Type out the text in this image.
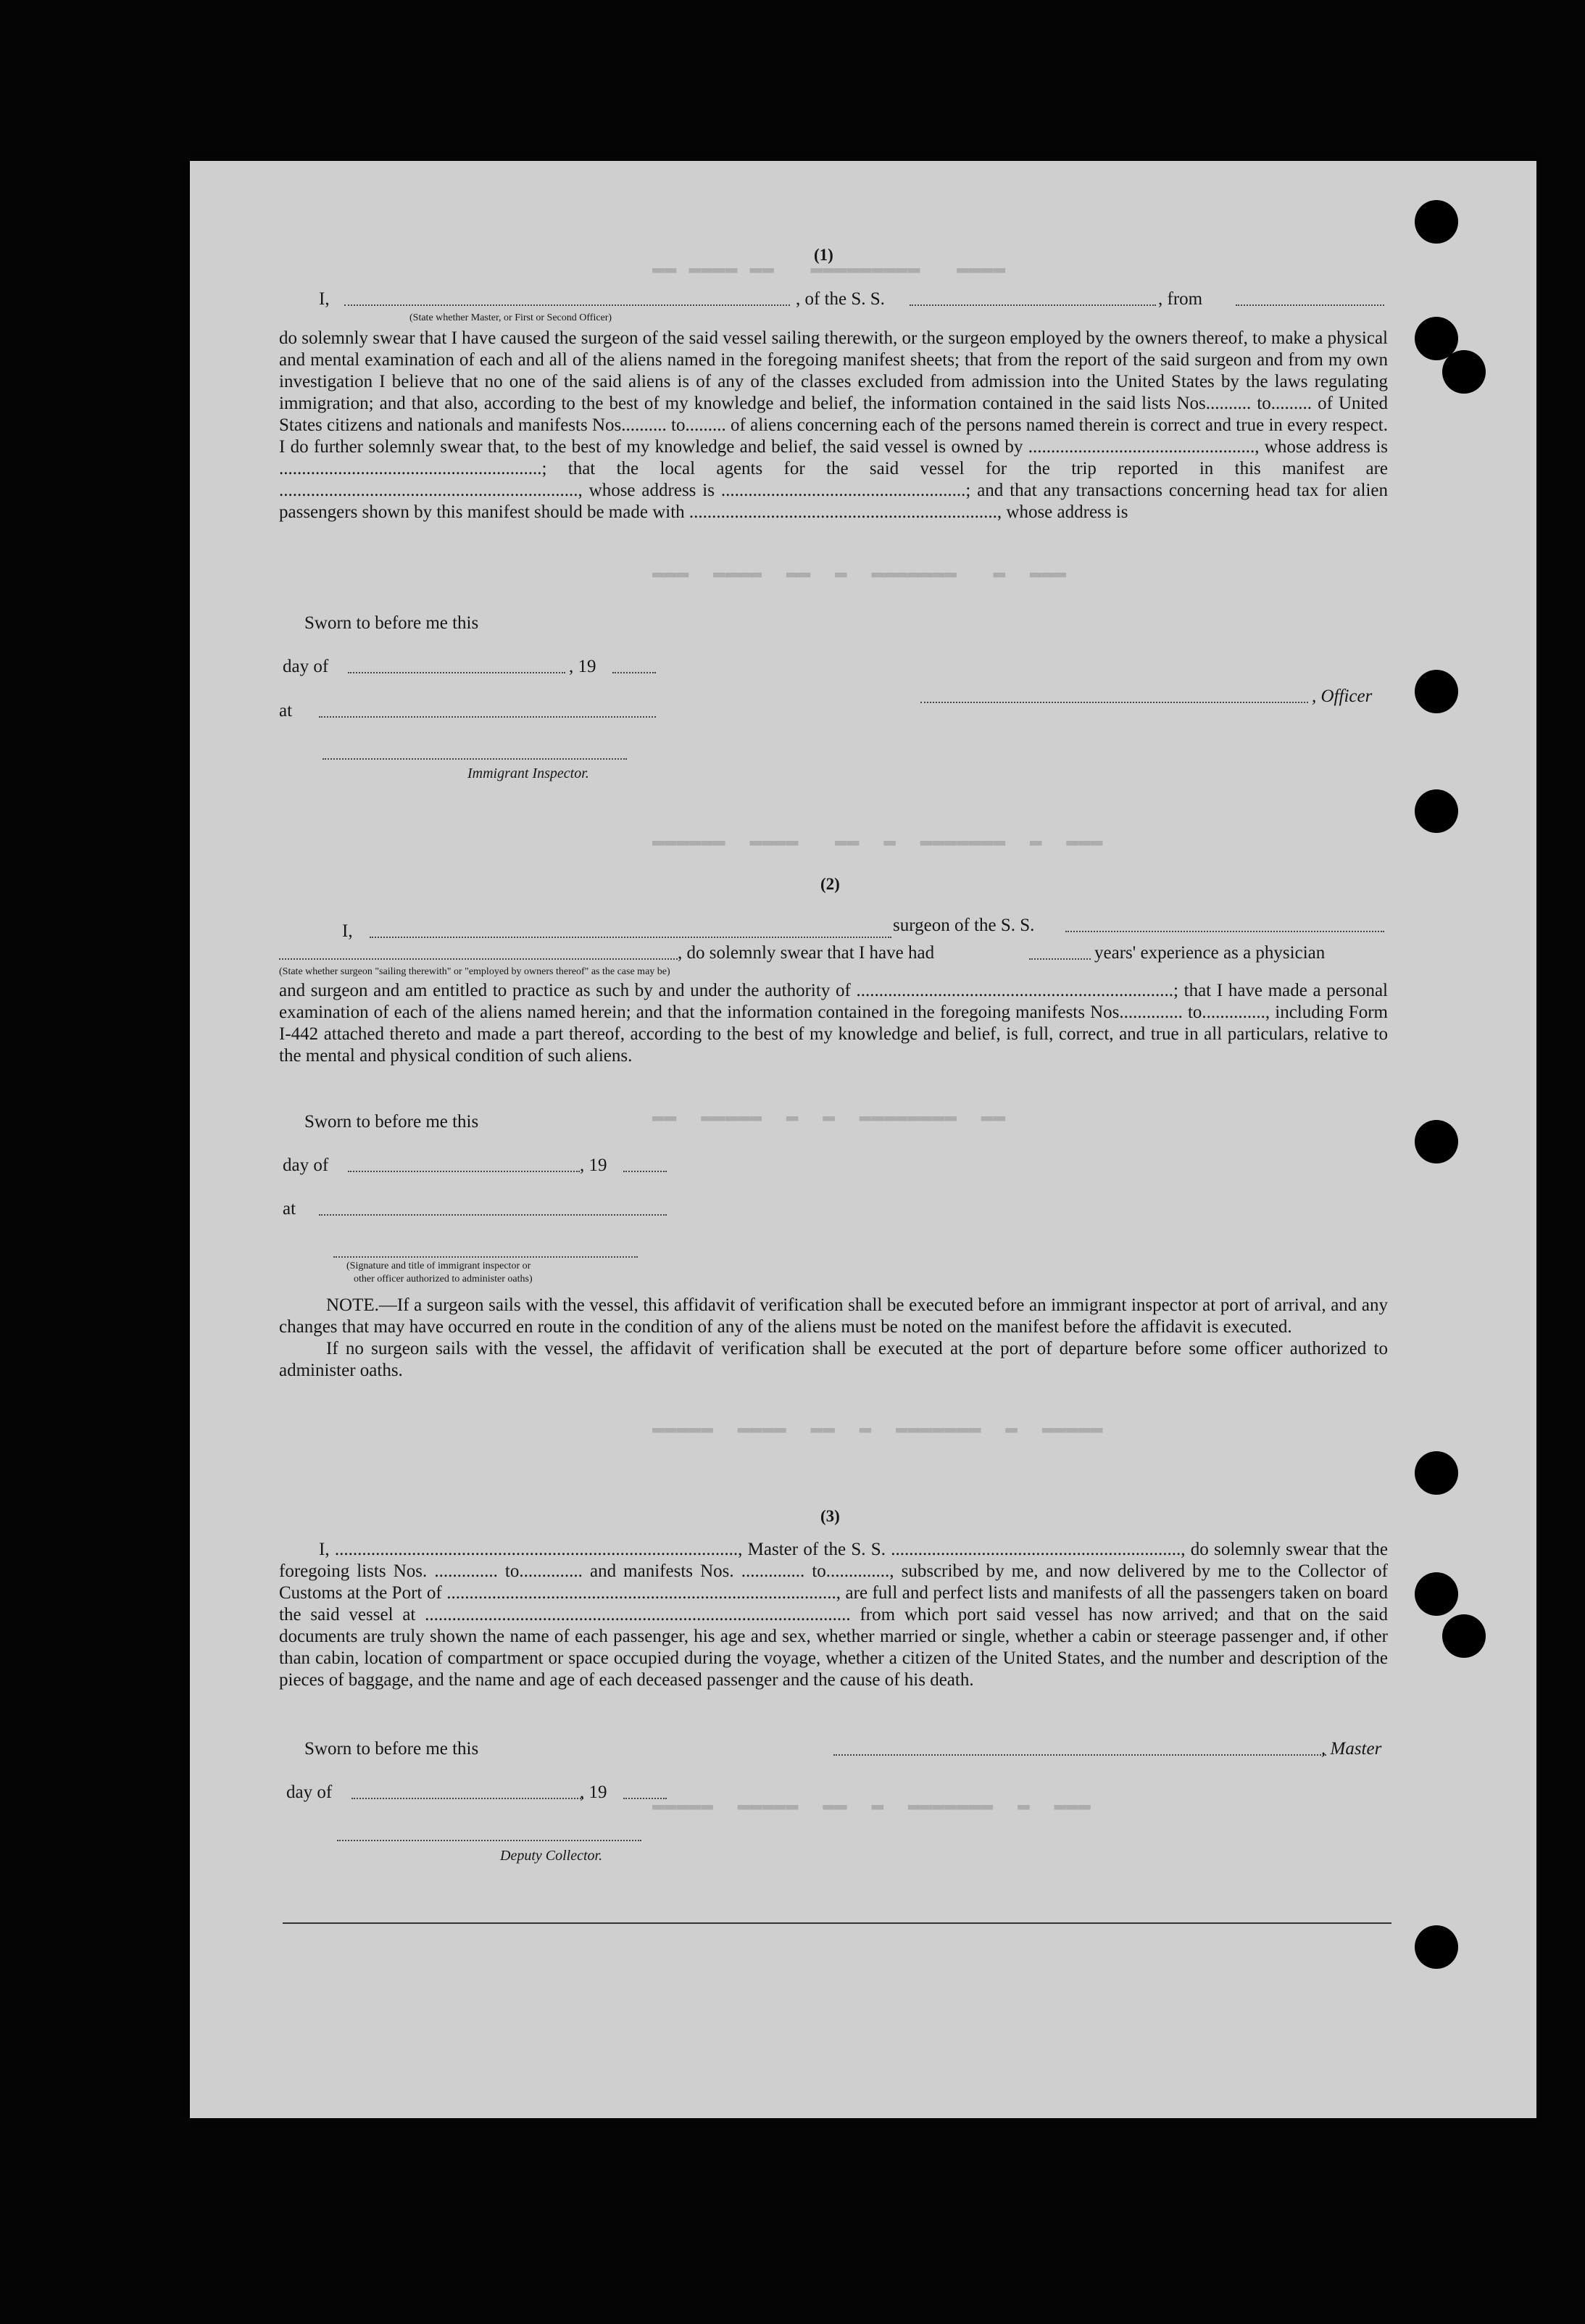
▬▬ ▬▬▬▬ ▬▬   ▬▬▬▬▬▬▬▬▬   ▬▬▬▬
▬▬▬  ▬▬▬▬  ▬▬  ▬  ▬▬▬▬▬▬▬   ▬  ▬▬▬
▬▬▬▬▬▬  ▬▬▬▬   ▬▬  ▬  ▬▬▬▬▬▬▬  ▬  ▬▬▬
▬▬  ▬▬▬▬▬  ▬  ▬  ▬▬▬▬▬▬▬▬  ▬▬
▬▬▬▬▬  ▬▬▬▬  ▬▬  ▬  ▬▬▬▬▬▬▬  ▬  ▬▬▬▬▬
▬▬▬▬▬  ▬▬▬▬▬  ▬▬  ▬  ▬▬▬▬▬▬▬  ▬  ▬▬▬
(1)
I,	, of the S. S.	, from
(State whether Master, or First or Second Officer)

do solemnly swear that I have caused the surgeon of the said vessel sailing therewith, or the surgeon employed by the owners thereof, to make a physical and mental examination of each and all of the aliens named in the foregoing manifest sheets; that from the report of the said surgeon and from my own investigation I believe that no one of the said aliens is of any of the classes excluded from admission into the United States by the laws regulating immigration; and that also, according to the best of my knowledge and belief, the information contained in the said lists Nos.......... to......... of United States citizens and nationals and manifests Nos.......... to......... of aliens concerning each of the persons named therein is correct and true in every respect. I do further solemnly swear that, to the best of my knowledge and belief, the said vessel is owned by .................................................., whose address is ..........................................................; that the local agents for the said vessel for the trip reported in this manifest are .................................................................., whose address is ......................................................; and that any transactions concerning head tax for alien passengers shown by this manifest should be made with ...................................................................., whose address is

Sworn to before me this
day of	, 19
, Officer
at
Immigrant Inspector.
(2)
I,	surgeon of the S. S.
, do solemnly swear that I have had	years' experience as a physician
(State whether surgeon "sailing therewith" or "employed by owners thereof" as the case may be)

and surgeon and am entitled to practice as such by and under the authority of ......................................................................; that I have made a personal examination of each of the aliens named herein; and that the information contained in the foregoing manifests Nos.............. to.............., including Form I-442 attached thereto and made a part thereof, according to the best of my knowledge and belief, is full, correct, and true in all particulars, relative to the mental and physical condition of such aliens.

Sworn to before me this
day of	, 19
at
(Signature and title of immigrant inspector or
other officer authorized to administer oaths)

NOTE.—If a surgeon sails with the vessel, this affidavit of verification shall be executed before an immigrant inspector at port of arrival, and any changes that may have occurred en route in the condition of any of the aliens must be noted on the manifest before the affidavit is executed.

If no surgeon sails with the vessel, the affidavit of verification shall be executed at the port of departure before some officer authorized to administer oaths.

(3)

I, ........................................................................................., Master of the S. S. ................................................................, do solemnly swear that the foregoing lists Nos. .............. to.............. and manifests Nos. .............. to.............., subscribed by me, and now delivered by me to the Collector of Customs at the Port of ......................................................................................, are full and perfect lists and manifests of all the passengers taken on board the said vessel at .............................................................................................. from which port said vessel has now arrived; and that on the said documents are truly shown the name of each passenger, his age and sex, whether married or single, whether a cabin or steerage passenger and, if other than cabin, location of compartment or space occupied during the voyage, whether a citizen of the United States, and the number and description of the pieces of baggage, and the name and age of each deceased passenger and the cause of his death.

Sworn to before me this	, Master
day of	, 19
Deputy Collector.
